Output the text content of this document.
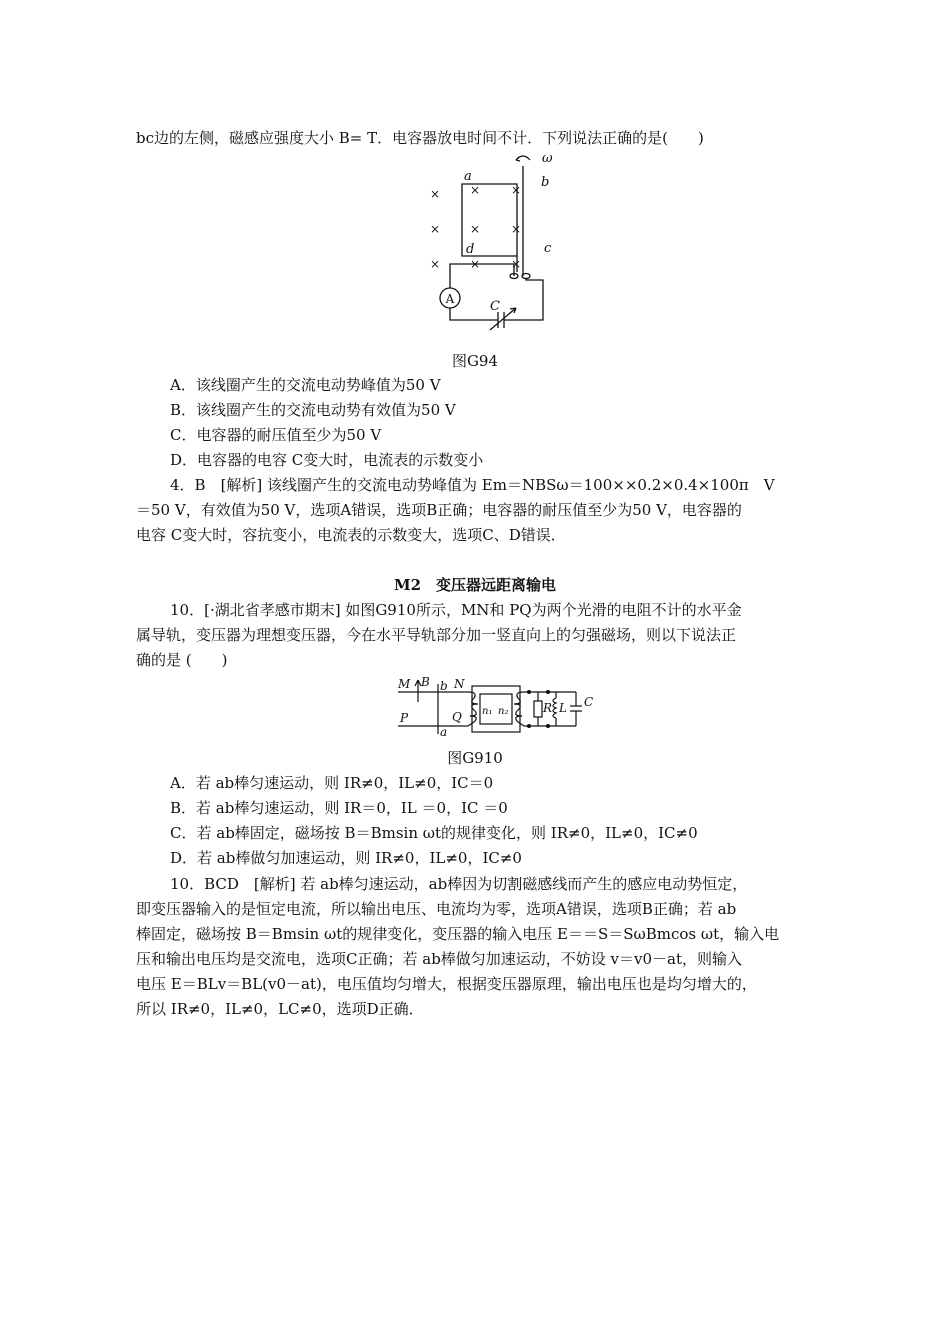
bc边的左侧，磁感应强度大小 B= T．电容器放电时间不计．下列说法正确的是(　　)
× ×	×
× ×	×
× ×	×
ω
a	b
c
d
C
A
图G94
A．该线圈产生的交流电动势峰值为50 V
B．该线圈产生的交流电动势有效值为50 V
C．电容器的耐压值至少为50 V
D．电容器的电容 C变大时，电流表的示数变小
4．B　[解析] 该线圈产生的交流电动势峰值为 Em＝NBSω＝100××0.2×0.4×100π　V
＝50 V，有效值为50 V，选项A错误，选项B正确；电容器的耐压值至少为50 V，电容器的
电容 C变大时，容抗变小，电流表的示数变大，选项C、D错误．
M2　变压器远距离输电
10．[·湖北省孝感市期末] 如图G910所示，MN和 PQ为两个光滑的电阻不计的水平金
属导轨，变压器为理想变压器，今在水平导轨部分加一竖直向上的匀强磁场，则以下说法正
确的是 (　　)
M B b N
P	Q
a
n₁ n₂	R L C
图G910
A．若 ab棒匀速运动，则 IR≠0，IL≠0，IC＝0
B．若 ab棒匀速运动，则 IR＝0，IL ＝0，IC ＝0
C．若 ab棒固定，磁场按 B＝Bmsin ωt的规律变化，则 IR≠0，IL≠0，IC≠0
D．若 ab棒做匀加速运动，则 IR≠0，IL≠0，IC≠0
10．BCD　[解析] 若 ab棒匀速运动，ab棒因为切割磁感线而产生的感应电动势恒定，
即变压器输入的是恒定电流，所以输出电压、电流均为零，选项A错误，选项B正确；若 ab
棒固定，磁场按 B＝Bmsin ωt的规律变化，变压器的输入电压 E＝＝S＝SωBmcos ωt，输入电
压和输出电压均是交流电，选项C正确；若 ab棒做匀加速运动，不妨设 v＝v0－at，则输入
电压 E＝BLv＝BL(v0－at)，电压值均匀增大，根据变压器原理，输出电压也是均匀增大的，
所以 IR≠0，IL≠0，LC≠0，选项D正确．
